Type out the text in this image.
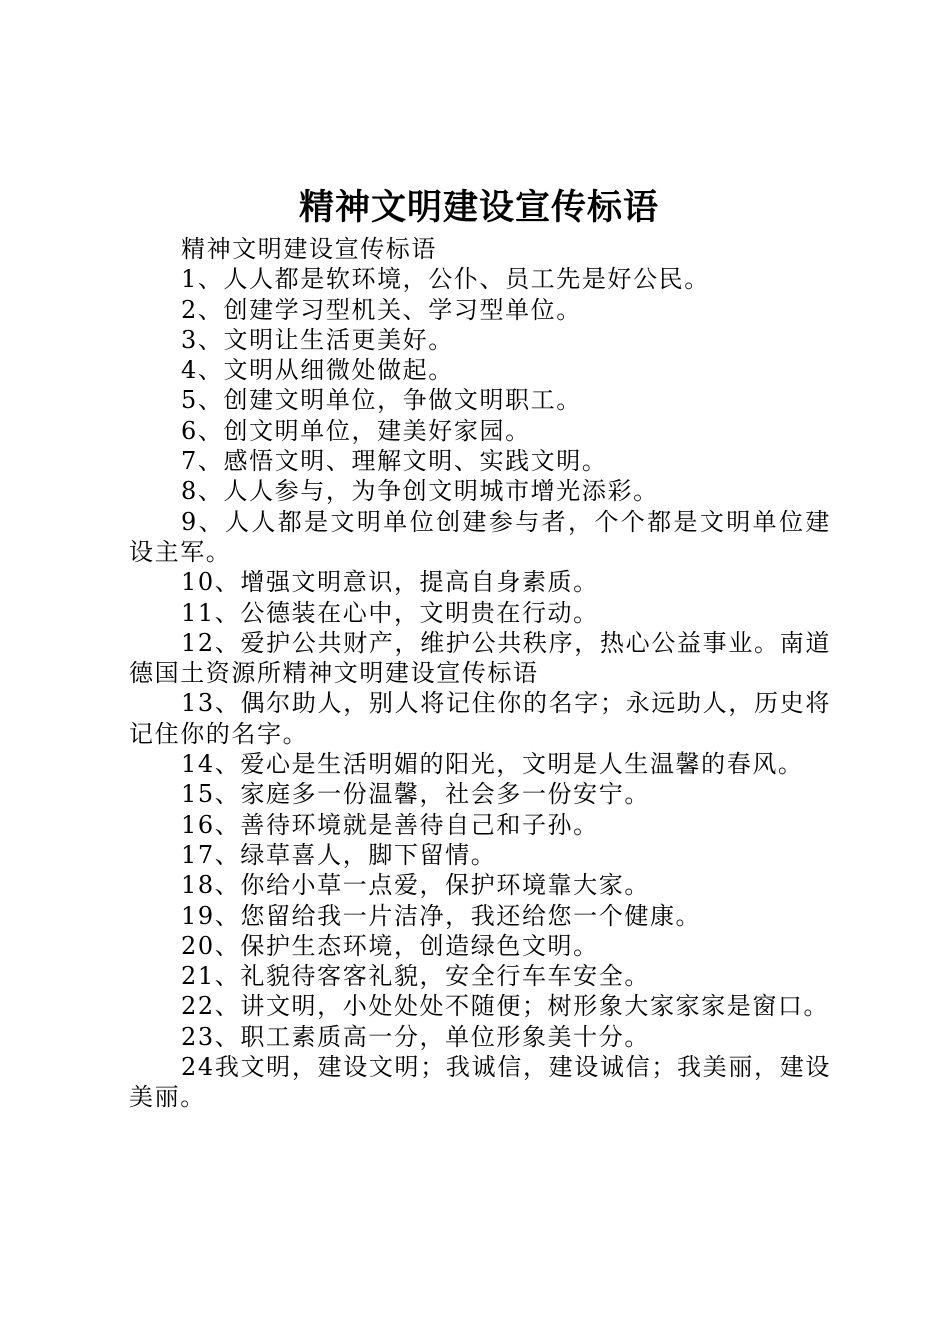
精神文明建设宣传标语

精神文明建设宣传标语

1、人人都是软环境，公仆、员工先是好公民。

2、创建学习型机关、学习型单位。

3、文明让生活更美好。

4、文明从细微处做起。

5、创建文明单位，争做文明职工。

6、创文明单位，建美好家园。

7、感悟文明、理解文明、实践文明。

8、人人参与，为争创文明城市增光添彩。

9、人人都是文明单位创建参与者，个个都是文明单位建设主军。

10、增强文明意识，提高自身素质。

11、公德装在心中，文明贵在行动。

12、爱护公共财产，维护公共秩序，热心公益事业。南道德国土资源所精神文明建设宣传标语

13、偶尔助人，别人将记住你的名字；永远助人，历史将记住你的名字。

14、爱心是生活明媚的阳光，文明是人生温馨的春风。

15、家庭多一份温馨，社会多一份安宁。

16、善待环境就是善待自己和子孙。

17、绿草喜人，脚下留情。

18、你给小草一点爱，保护环境靠大家。

19、您留给我一片洁净，我还给您一个健康。

20、保护生态环境，创造绿色文明。

21、礼貌待客客礼貌，安全行车车安全。

22、讲文明，小处处处不随便；树形象大家家家是窗口。

23、职工素质高一分，单位形象美十分。

24我文明，建设文明；我诚信，建设诚信；我美丽，建设美丽。
